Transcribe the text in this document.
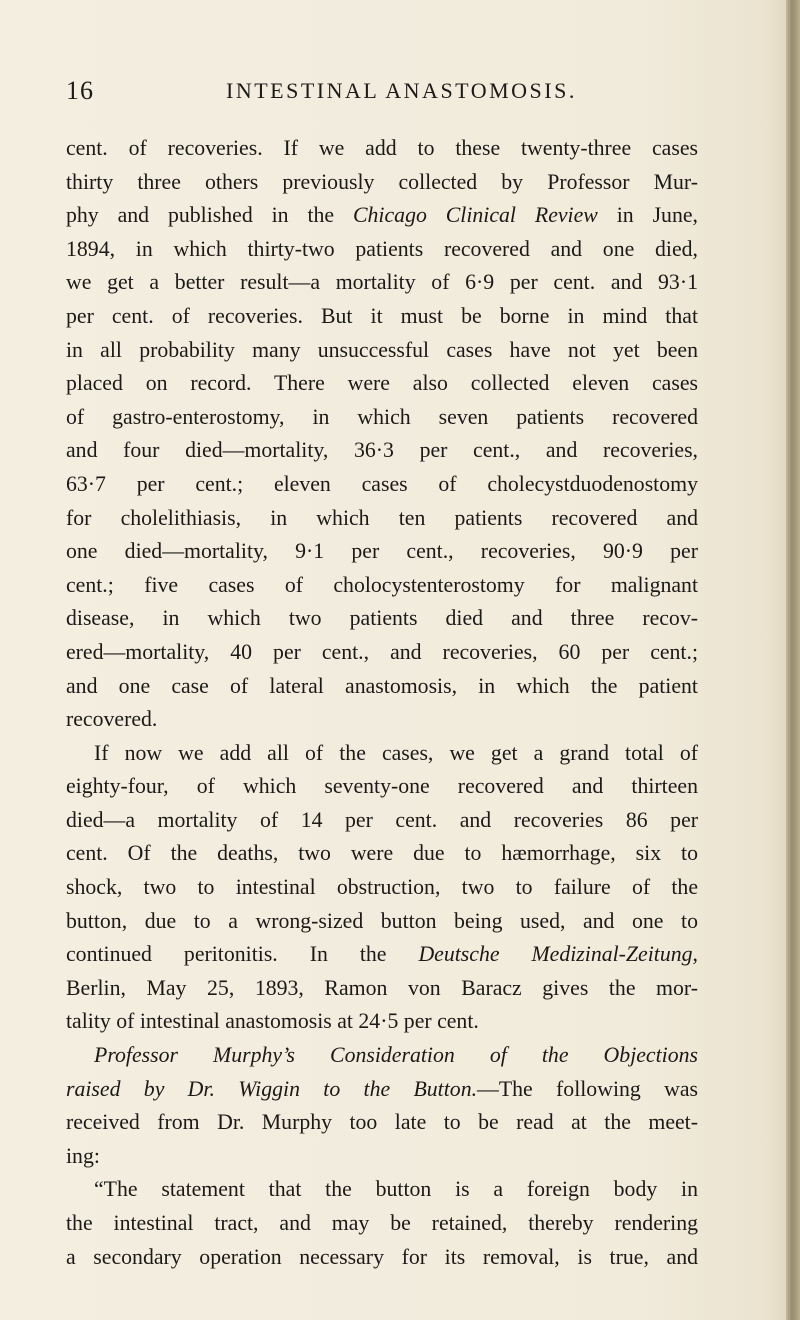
16	INTESTINAL ANASTOMOSIS.
cent. of recoveries. If we add to these twenty-three cases
thirty three others previously collected by Professor Mur-
phy and published in the Chicago Clinical Review in June,
1894, in which thirty-two patients recovered and one died,
we get a better result—a mortality of 6·9 per cent. and 93·1
per cent. of recoveries. But it must be borne in mind that
in all probability many unsuccessful cases have not yet been
placed on record. There were also collected eleven cases
of gastro-enterostomy, in which seven patients recovered
and four died—mortality, 36·3 per cent., and recoveries,
63·7 per cent.; eleven cases of cholecystduodenostomy
for cholelithiasis, in which ten patients recovered and
one died—mortality, 9·1 per cent., recoveries, 90·9 per
cent.; five cases of cholocystenterostomy for malignant
disease, in which two patients died and three recov-
ered—mortality, 40 per cent., and recoveries, 60 per cent.;
and one case of lateral anastomosis, in which the patient
recovered.
If now we add all of the cases, we get a grand total of
eighty-four, of which seventy-one recovered and thirteen
died—a mortality of 14 per cent. and recoveries 86 per
cent. Of the deaths, two were due to hæmorrhage, six to
shock, two to intestinal obstruction, two to failure of the
button, due to a wrong-sized button being used, and one to
continued peritonitis. In the Deutsche Medizinal-Zeitung,
Berlin, May 25, 1893, Ramon von Baracz gives the mor-
tality of intestinal anastomosis at 24·5 per cent.
Professor Murphy’s Consideration of the Objections
raised by Dr. Wiggin to the Button.—The following was
received from Dr. Murphy too late to be read at the meet-
ing:
“The statement that the button is a foreign body in
the intestinal tract, and may be retained, thereby rendering
a secondary operation necessary for its removal, is true, and
